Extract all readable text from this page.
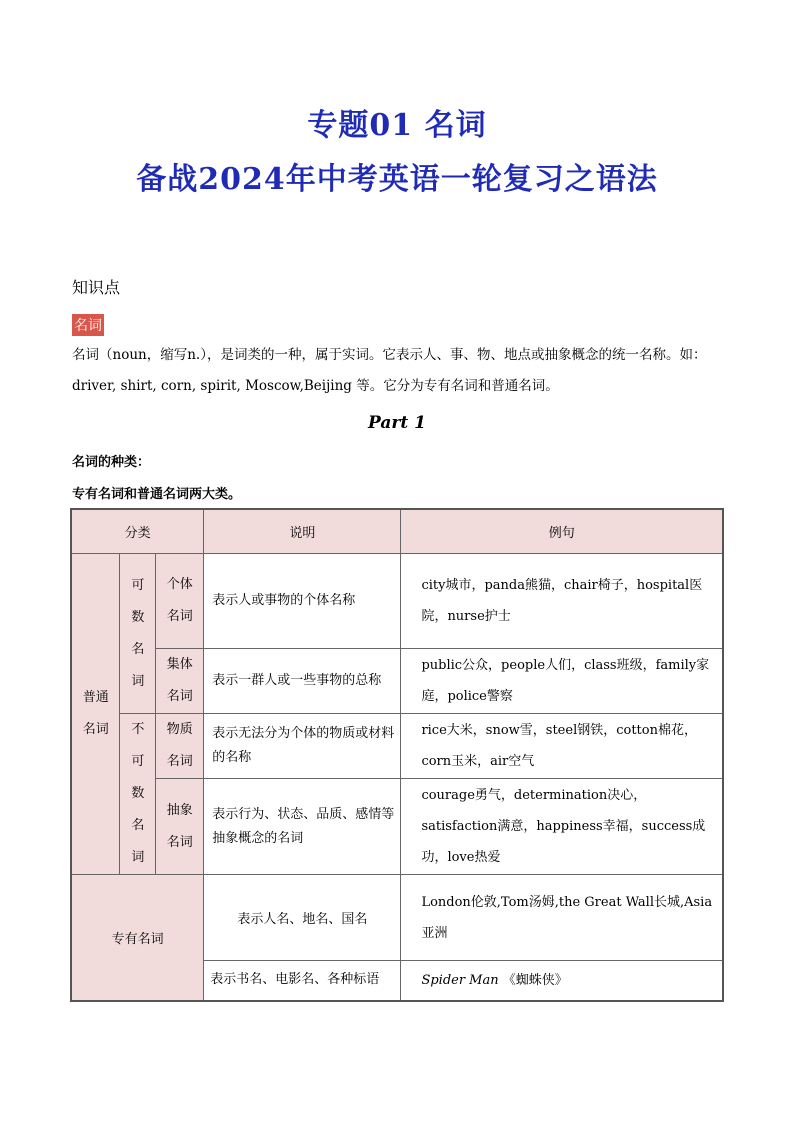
专题01 名词
备战2024年中考英语一轮复习之语法
知识点
名词
名词（noun，缩写n.），是词类的一种，属于实词。它表示人、事、物、地点或抽象概念的统一名称。如：
driver, shirt, corn, spirit, Moscow,Beijing 等。它分为专有名词和普通名词。
Part 1
名词的种类：
专有名词和普通名词两大类。
分类			说明	例句

普通名词	可数名词	个体名词	表示人或事物的个体名称	city城市，panda熊猫，chair椅子，hospital医院，nurse护士

		集体名词	表示一群人或一些事物的总称	public公众，people人们，class班级，family家庭，police警察

	不可数名词	物质名词	表示无法分为个体的物质或材料的名称	rice大米，snow雪，steel钢铁，cotton棉花，corn玉米，air空气

		抽象名词	表示行为、状态、品质、感情等抽象概念的名词	courage勇气，determination决心，satisfaction满意，happiness幸福，success成功，love热爱
专有名词			表示人名、地名、国名	London伦敦,Tom汤姆,the Great Wall长城,Asia亚洲
			表示书名、电影名、各种标语	Spider Man 《蜘蛛侠》
